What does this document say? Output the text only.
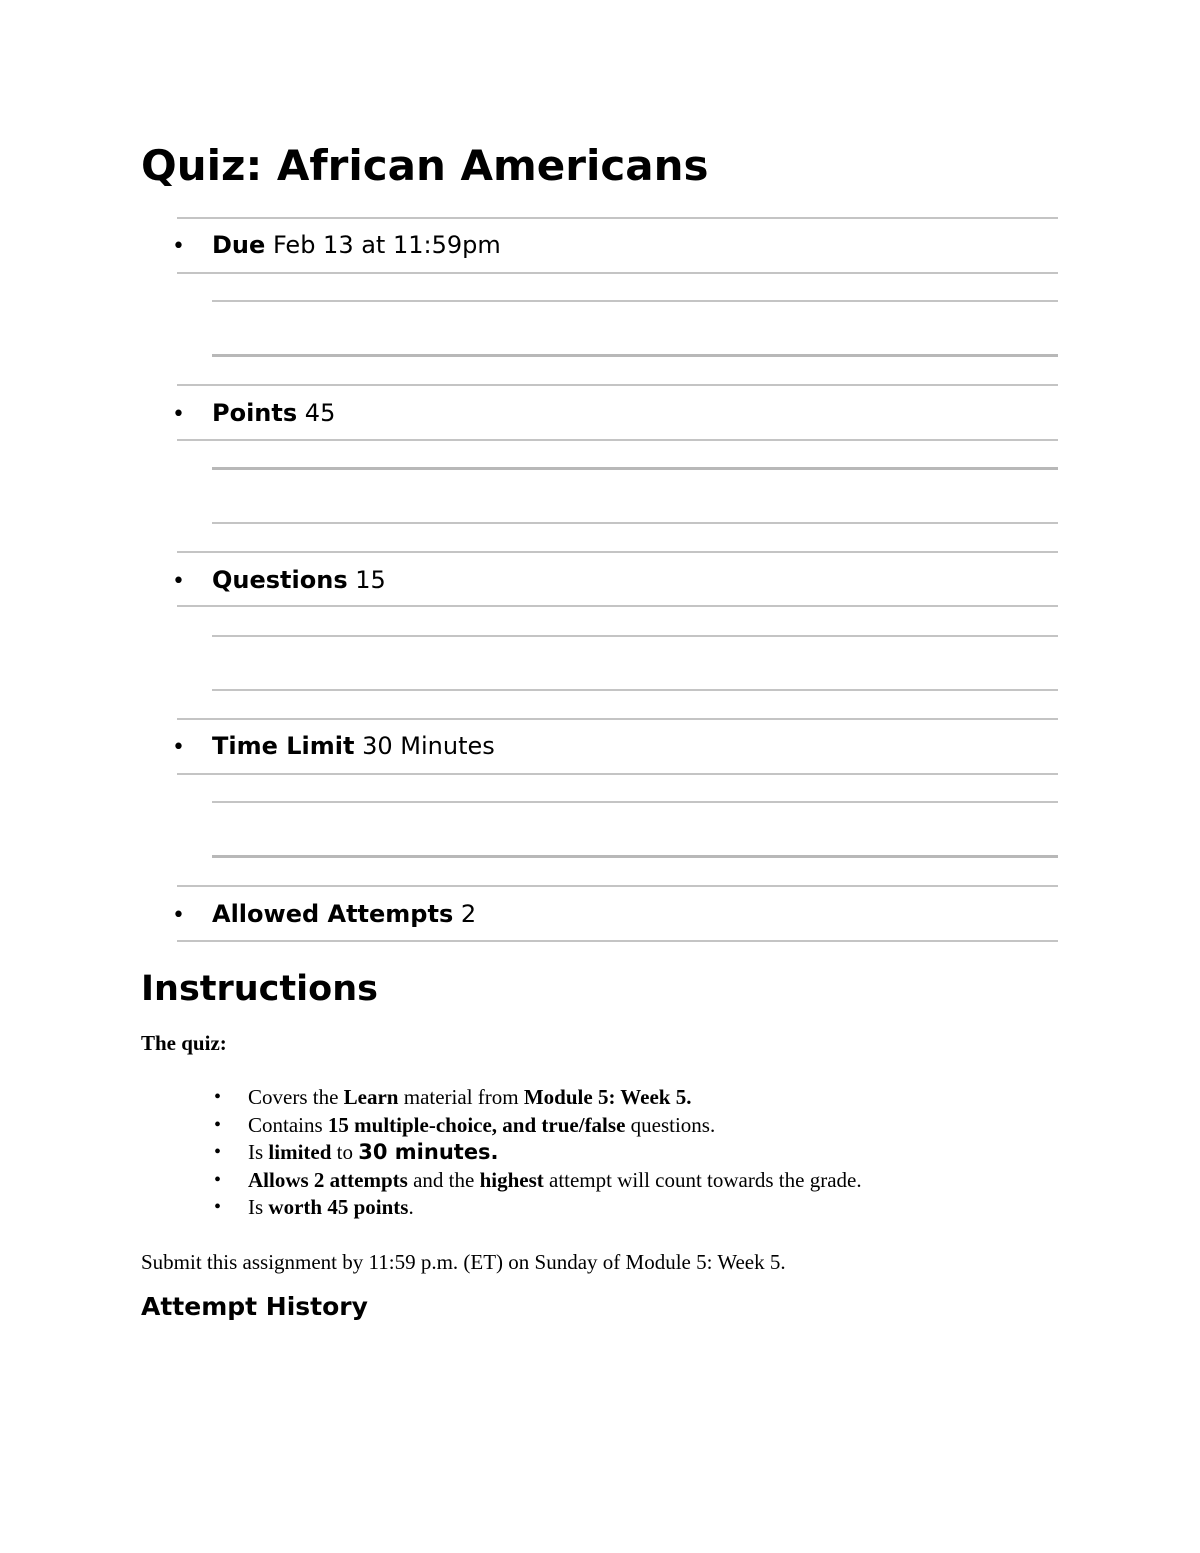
Quiz: African Americans
• Due Feb 13 at 11:59pm
• Points 45
• Questions 15
• Time Limit 30 Minutes
• Allowed Attempts 2
Instructions
The quiz:
• Covers the Learn material from Module 5: Week 5.
• Contains 15 multiple-choice, and true/false questions.
• Is limited to 30 minutes.
• Allows 2 attempts and the highest attempt will count towards the grade.
• Is worth 45 points.
Submit this assignment by 11:59 p.m. (ET) on Sunday of Module 5: Week 5.
Attempt History
